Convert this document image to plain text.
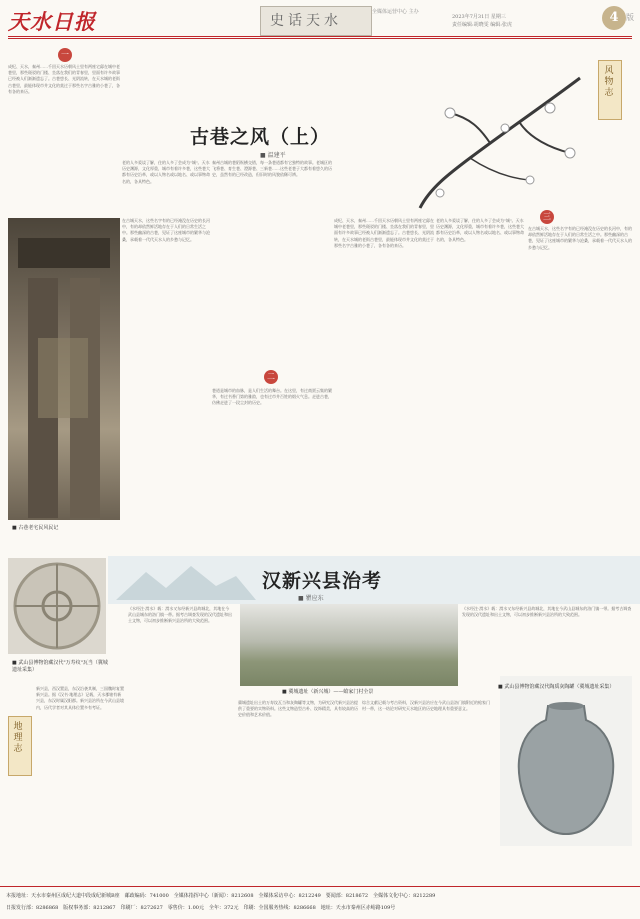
天水日报	史话天水
全媒体运营中心 主办
2023年7月31日 星期三
责任编辑:胡晓雯 编辑:张虎	4 版
风物志
一
成纪、天水，秦州……千回天水历朝风土里有两座宅邸在城中老巷里，那些斑驳的门楼、坐落在我们的青春里，里面有许多故事已经被人们渐渐遗忘了。古巷悠长、光阴流转，在天水城的老街古巷里，最能体现市井文化的莫过于那些名字古雅的小巷了，各有各的来历。
老的人多爱谈了解，住的人多了会成为"城"。天水历史渊源，文化厚重，城市有着许多巷，这些巷大都有历史沿革，或以人物名或以地名、或以事物命名的，各具特色。
古巷之风（上）
■ 温建平
■ 古巷老宅民风民记
在古城天水，这些名字有的已经淹没在历史的长河中，有的却依然鲜活地存在于人们的日常生活之中。那些幽深的古巷，见证了这座城市的繁华与沧桑，承载着一代代天水人的乡愁与记忆。
秦州古城的巷陌纵横交错，每一条巷道都有它独特的故事。老城区的飞将巷、育生巷、澄源巷、三新巷……这些老巷子大都有着悠久的历史，虽然有的已经改造，但旧时的风貌依稀可辨。
二
巷道是城市的血脉，是人们生活的舞台。在这里，有过商贾云集的繁华，有过书香门第的雅韵，也有过市井百姓的烟火气息。走进古巷，仿佛走进了一段尘封的历史。
成纪、天水，秦州……千回天水历朝风土里有两座宅邸在城中老巷里，那些斑驳的门楼、坐落在我们的青春里，里面有许多故事已经被人们渐渐遗忘了。古巷悠长、光阴流转，在天水城的老街古巷里，最能体现市井文化的莫过于那些名字古雅的小巷了，各有各的来历。
老的人多爱谈了解，住的人多了会成为"城"。天水历史渊源，文化厚重，城市有着许多巷，这些巷大都有历史沿革，或以人物名或以地名、或以事物命名的，各具特色。
三
在古城天水，这些名字有的已经淹没在历史的长河中，有的却依然鲜活地存在于人们的日常生活之中。那些幽深的古巷，见证了这座城市的繁华与沧桑，承载着一代代天水人的乡愁与记忆。
汉新兴县治考
■ 瞿应东
■ 武山县博物馆藏汉代"万寿纹"瓦当（冀城遗址采集）
地理志
新兴县，西汉置县，东汉沿袭其制，三国魏时复置新兴县。据《汉书·地理志》记载，天水郡辖有新兴县，东汉时属汉阳郡。新兴县治所在今武山县境内，历代学者对其具体位置多有考证。
《水经注·渭水》载：渭水又东经新兴县故城北，其地在今武山县城东的洛门镇一带。据考古调查发现的汉代遗址和出土文物，可以初步推断新兴县治所的大致范围。
■ 冀城遗址（新兴城）——蛤家门村全景
冀城遗址出土的万寿纹瓦当和灰陶罐等文物，为研究汉代新兴县治提供了重要的实物资料。这些文物造型古朴、纹饰精美，具有较高的历史价值和艺术价值。
综合文献记载与考古资料，汉新兴县治应在今武山县洛门镇附近的蛤家门村一带，这一结论对研究天水地区的历史地理具有重要意义。
《水经注·渭水》载：渭水又东经新兴县故城北，其地在今武山县城东的洛门镇一带。据考古调查发现的汉代遗址和出土文物，可以初步推断新兴县治所的大致范围。
■ 武山县博物馆藏汉代陶质灰陶罐（冀城遗址采集）
本报地址：天水市秦州区成纪大道中段成纪新城B座　邮政编码：741000　全媒体指挥中心（新闻）：8212608　全媒体采访中心：8212249　要闻部：8218672　全媒体文化中心：8212289
日报发行部：8286868　版权事务部：8212867　印刷厂：8272627　零售价：1.00元　全年：372元　印刷：全国服务热线：8286668　地址：天水市秦州区赤峪路109号
